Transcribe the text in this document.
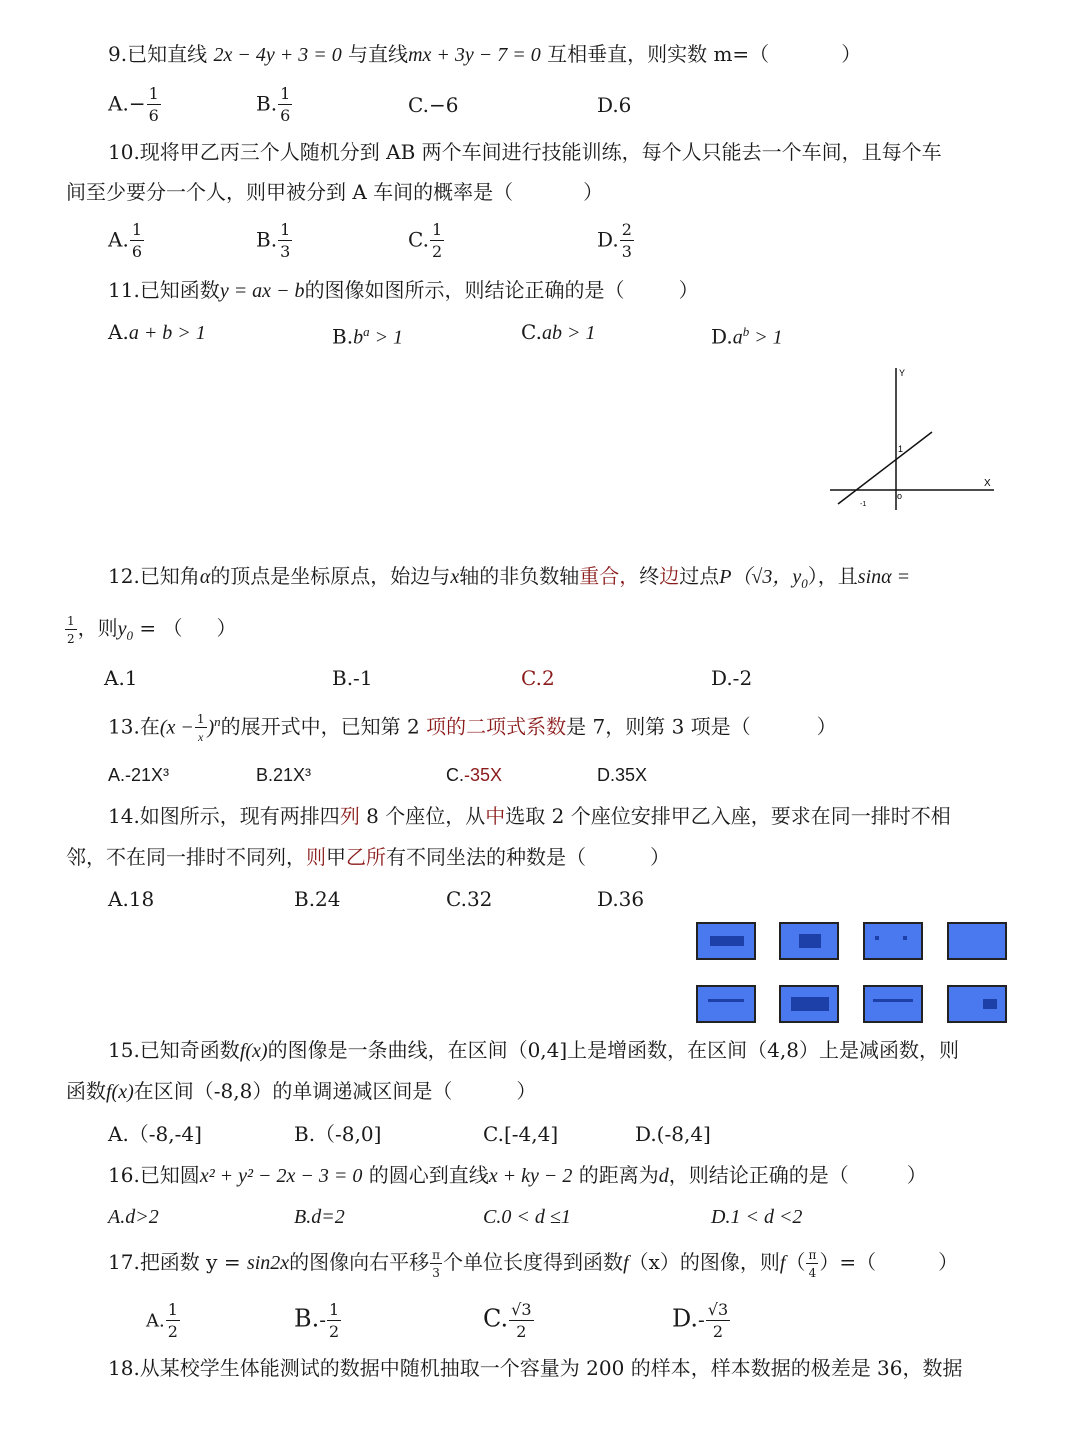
9.已知直线 2x − 4y + 3 = 0 与直线mx + 3y − 7 = 0 互相垂直，则实数 m=（	）
$A.- \frac{1}{6}$	B. $\frac{1}{6}$	C.−6	D.6
10.现将甲乙丙三个人随机分到 AB 两个车间进行技能训练，每个人只能去一个车间，且每个车
间至少要分一个人，则甲被分到 A 车间的概率是（	）
A. $\frac{1}{6}$	B. $\frac{1}{3}$	C. $\frac{1}{2}$	D. $\frac{2}{3}$
11.已知函数y = ax − b的图像如图所示，则结论正确的是（	）
A.a + b > 1	$B.b^a > 1$	C.ab > 1	$D.a^b > 1$
Y
X
o
1
-1
12.已知角α的顶点是坐标原点，始边与x轴的非负数轴重合，终边过点P（√3，$y_0$），且sinα =
$\frac{1}{2}$ ，则$y_0$ = （ ）
A.1	B.-1	C.2	D.-2
13.在$(x - \frac{1}{x} )^n$的展开式中，已知第 2 项的二项式系数是 7，则第 3 项是（	）
A.-21X³	B.21X³	C.-35X	D.35X
14.如图所示，现有两排四列 8 个座位，从中选取 2 个座位安排甲乙入座，要求在同一排时不相
邻，不在同一排时不同列，则甲乙所有不同坐法的种数是（	）
A.18	B.24	C.32	D.36
15.已知奇函数f(x)的图像是一条曲线，在区间（0,4]上是增函数，在区间（4,8）上是减函数，则
函数f(x)在区间（-8,8）的单调递减区间是（	）
A.（-8,-4]	B.（-8,0]	C.[-4,4]	D.(-8,4]
16.已知圆x² + y² − 2x − 3 = 0 的圆心到直线x + ky − 2 的距离为d，则结论正确的是（	）
A.d>2	B.d=2	C.0 < d ≤1	D.1 < d <2
17.把函数 y = sin2x的图像向右平移 $\frac{\pi}{3}$ 个单位长度得到函数f（x）的图像，则$f( \frac{\pi}{4}$ ）=（	）
A. $\frac{1}{2}$	$B.- \frac{1}{2}$	C. $\frac{√3}{2}$	$D.- \frac{√3}{2}$
18.从某校学生体能测试的数据中随机抽取一个容量为 200 的样本，样本数据的极差是 36，数据
